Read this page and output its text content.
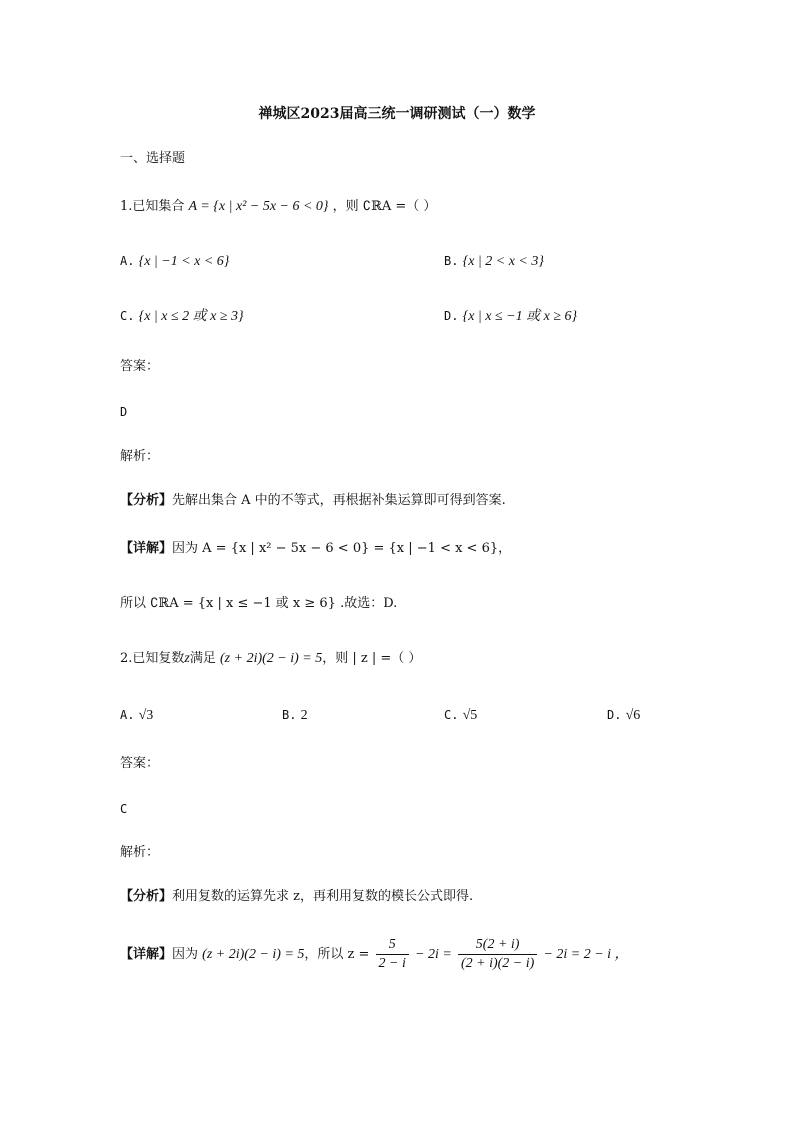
禅城区2023届高三统一调研测试（一）数学
一、选择题
1.已知集合 A = {x | x² − 5x − 6 < 0} ，则 ∁ℝA =（ ）
A. {x | −1 < x < 6}	B. {x | 2 < x < 3}
C. {x | x ≤ 2 或 x ≥ 3}	D. {x | x ≤ −1 或 x ≥ 6}
答案：
D
解析：
【分析】先解出集合 A 中的不等式，再根据补集运算即可得到答案.
【详解】因为 A = {x | x² − 5x − 6 < 0} = {x | −1 < x < 6}，
所以 ∁ℝA = {x | x ≤ −1 或 x ≥ 6} .故选：D.
2.已知复数z满足 (z + 2i)(2 − i) = 5，则 | z | =（ ）
A. √3	B. 2	C. √5	D. √6
答案：
C
解析：
【分析】利用复数的运算先求 z，再利用复数的模长公式即得.
【详解】因为 (z + 2i)(2 − i) = 5，所以 $z = \frac{5}{2 - i} - 2i = \frac{5(2 + i)}{(2 + i)(2 - i)} - 2i = 2 - i$ ，
